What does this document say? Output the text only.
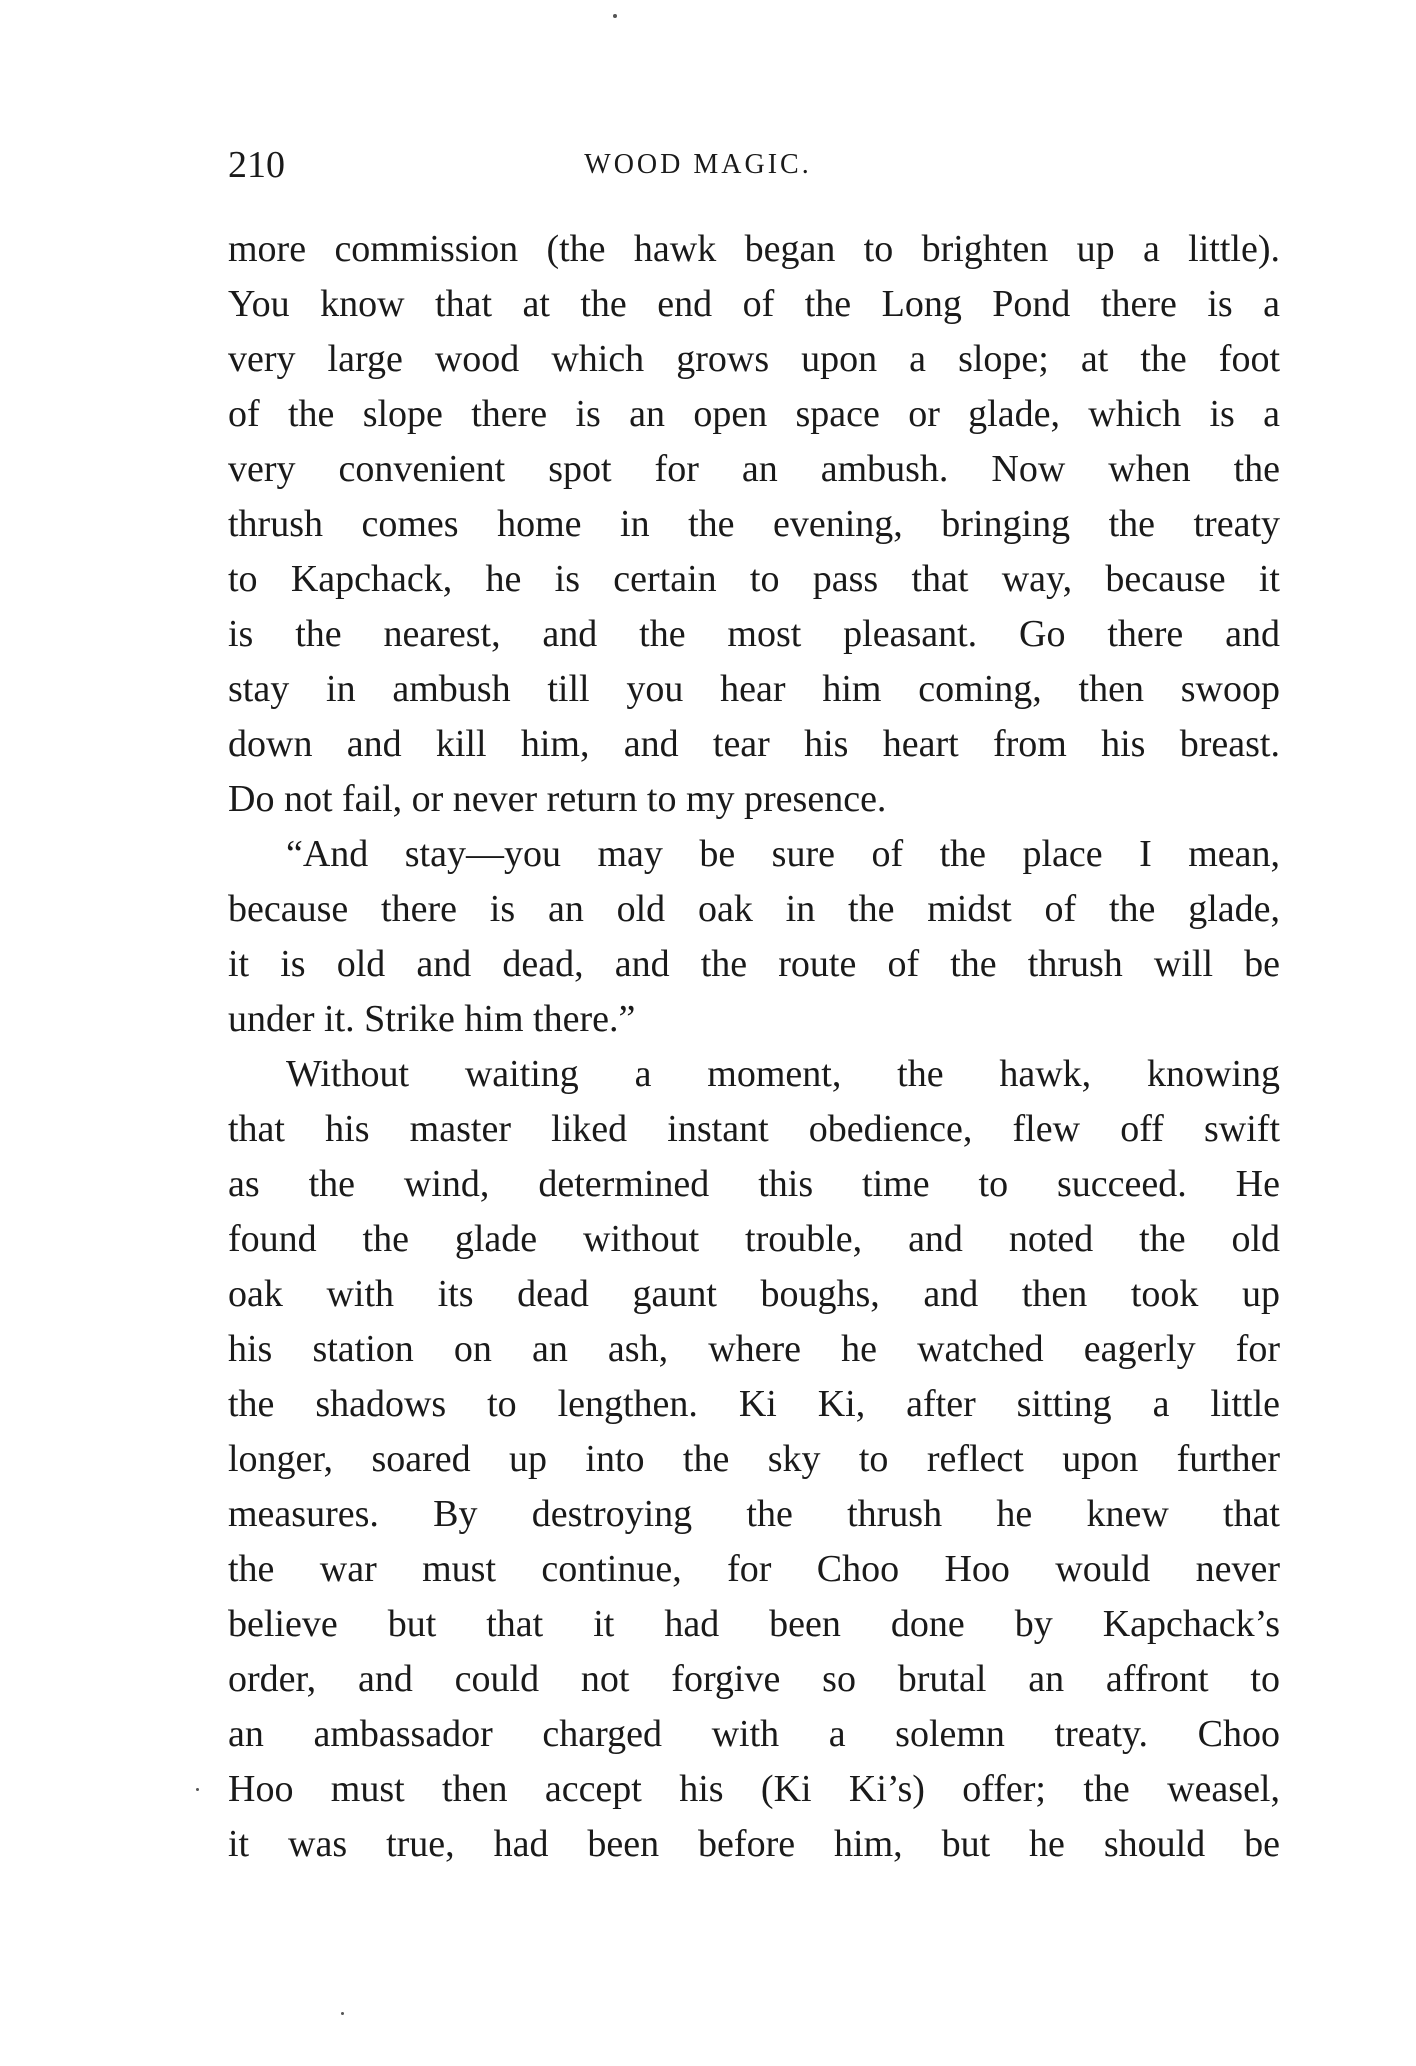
210	WOOD MAGIC.
more commission (the hawk began to brighten up a little).
You know that at the end of the Long Pond there is a
very large wood which grows upon a slope; at the foot
of the slope there is an open space or glade, which is a
very convenient spot for an ambush. Now when the
thrush comes home in the evening, bringing the treaty
to Kapchack, he is certain to pass that way, because it
is the nearest, and the most pleasant. Go there and
stay in ambush till you hear him coming, then swoop
down and kill him, and tear his heart from his breast.
Do not fail, or never return to my presence.
“And stay—you may be sure of the place I mean,
because there is an old oak in the midst of the glade,
it is old and dead, and the route of the thrush will be
under it. Strike him there.”
Without waiting a moment, the hawk, knowing
that his master liked instant obedience, flew off swift
as the wind, determined this time to succeed. He
found the glade without trouble, and noted the old
oak with its dead gaunt boughs, and then took up
his station on an ash, where he watched eagerly for
the shadows to lengthen. Ki Ki, after sitting a little
longer, soared up into the sky to reflect upon further
measures. By destroying the thrush he knew that
the war must continue, for Choo Hoo would never
believe but that it had been done by Kapchack’s
order, and could not forgive so brutal an affront to
an ambassador charged with a solemn treaty. Choo
Hoo must then accept his (Ki Ki’s) offer; the weasel,
it was true, had been before him, but he should be
